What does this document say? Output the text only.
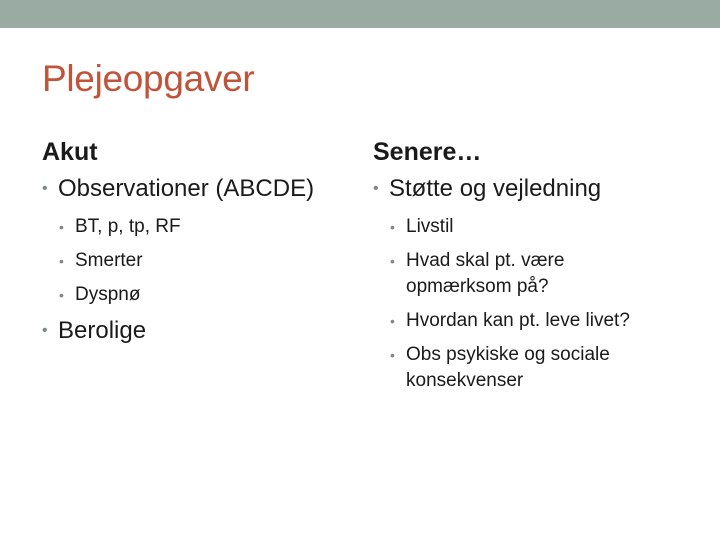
Plejeopgaver
Akut
• Observationer (ABCDE)
• BT, p, tp, RF
• Smerter
• Dyspnø
• Berolige
Senere…
• Støtte og vejledning
• Livstil
• Hvad skal pt. være opmærksom på?
• Hvordan kan pt. leve livet?
• Obs psykiske og sociale konsekvenser
